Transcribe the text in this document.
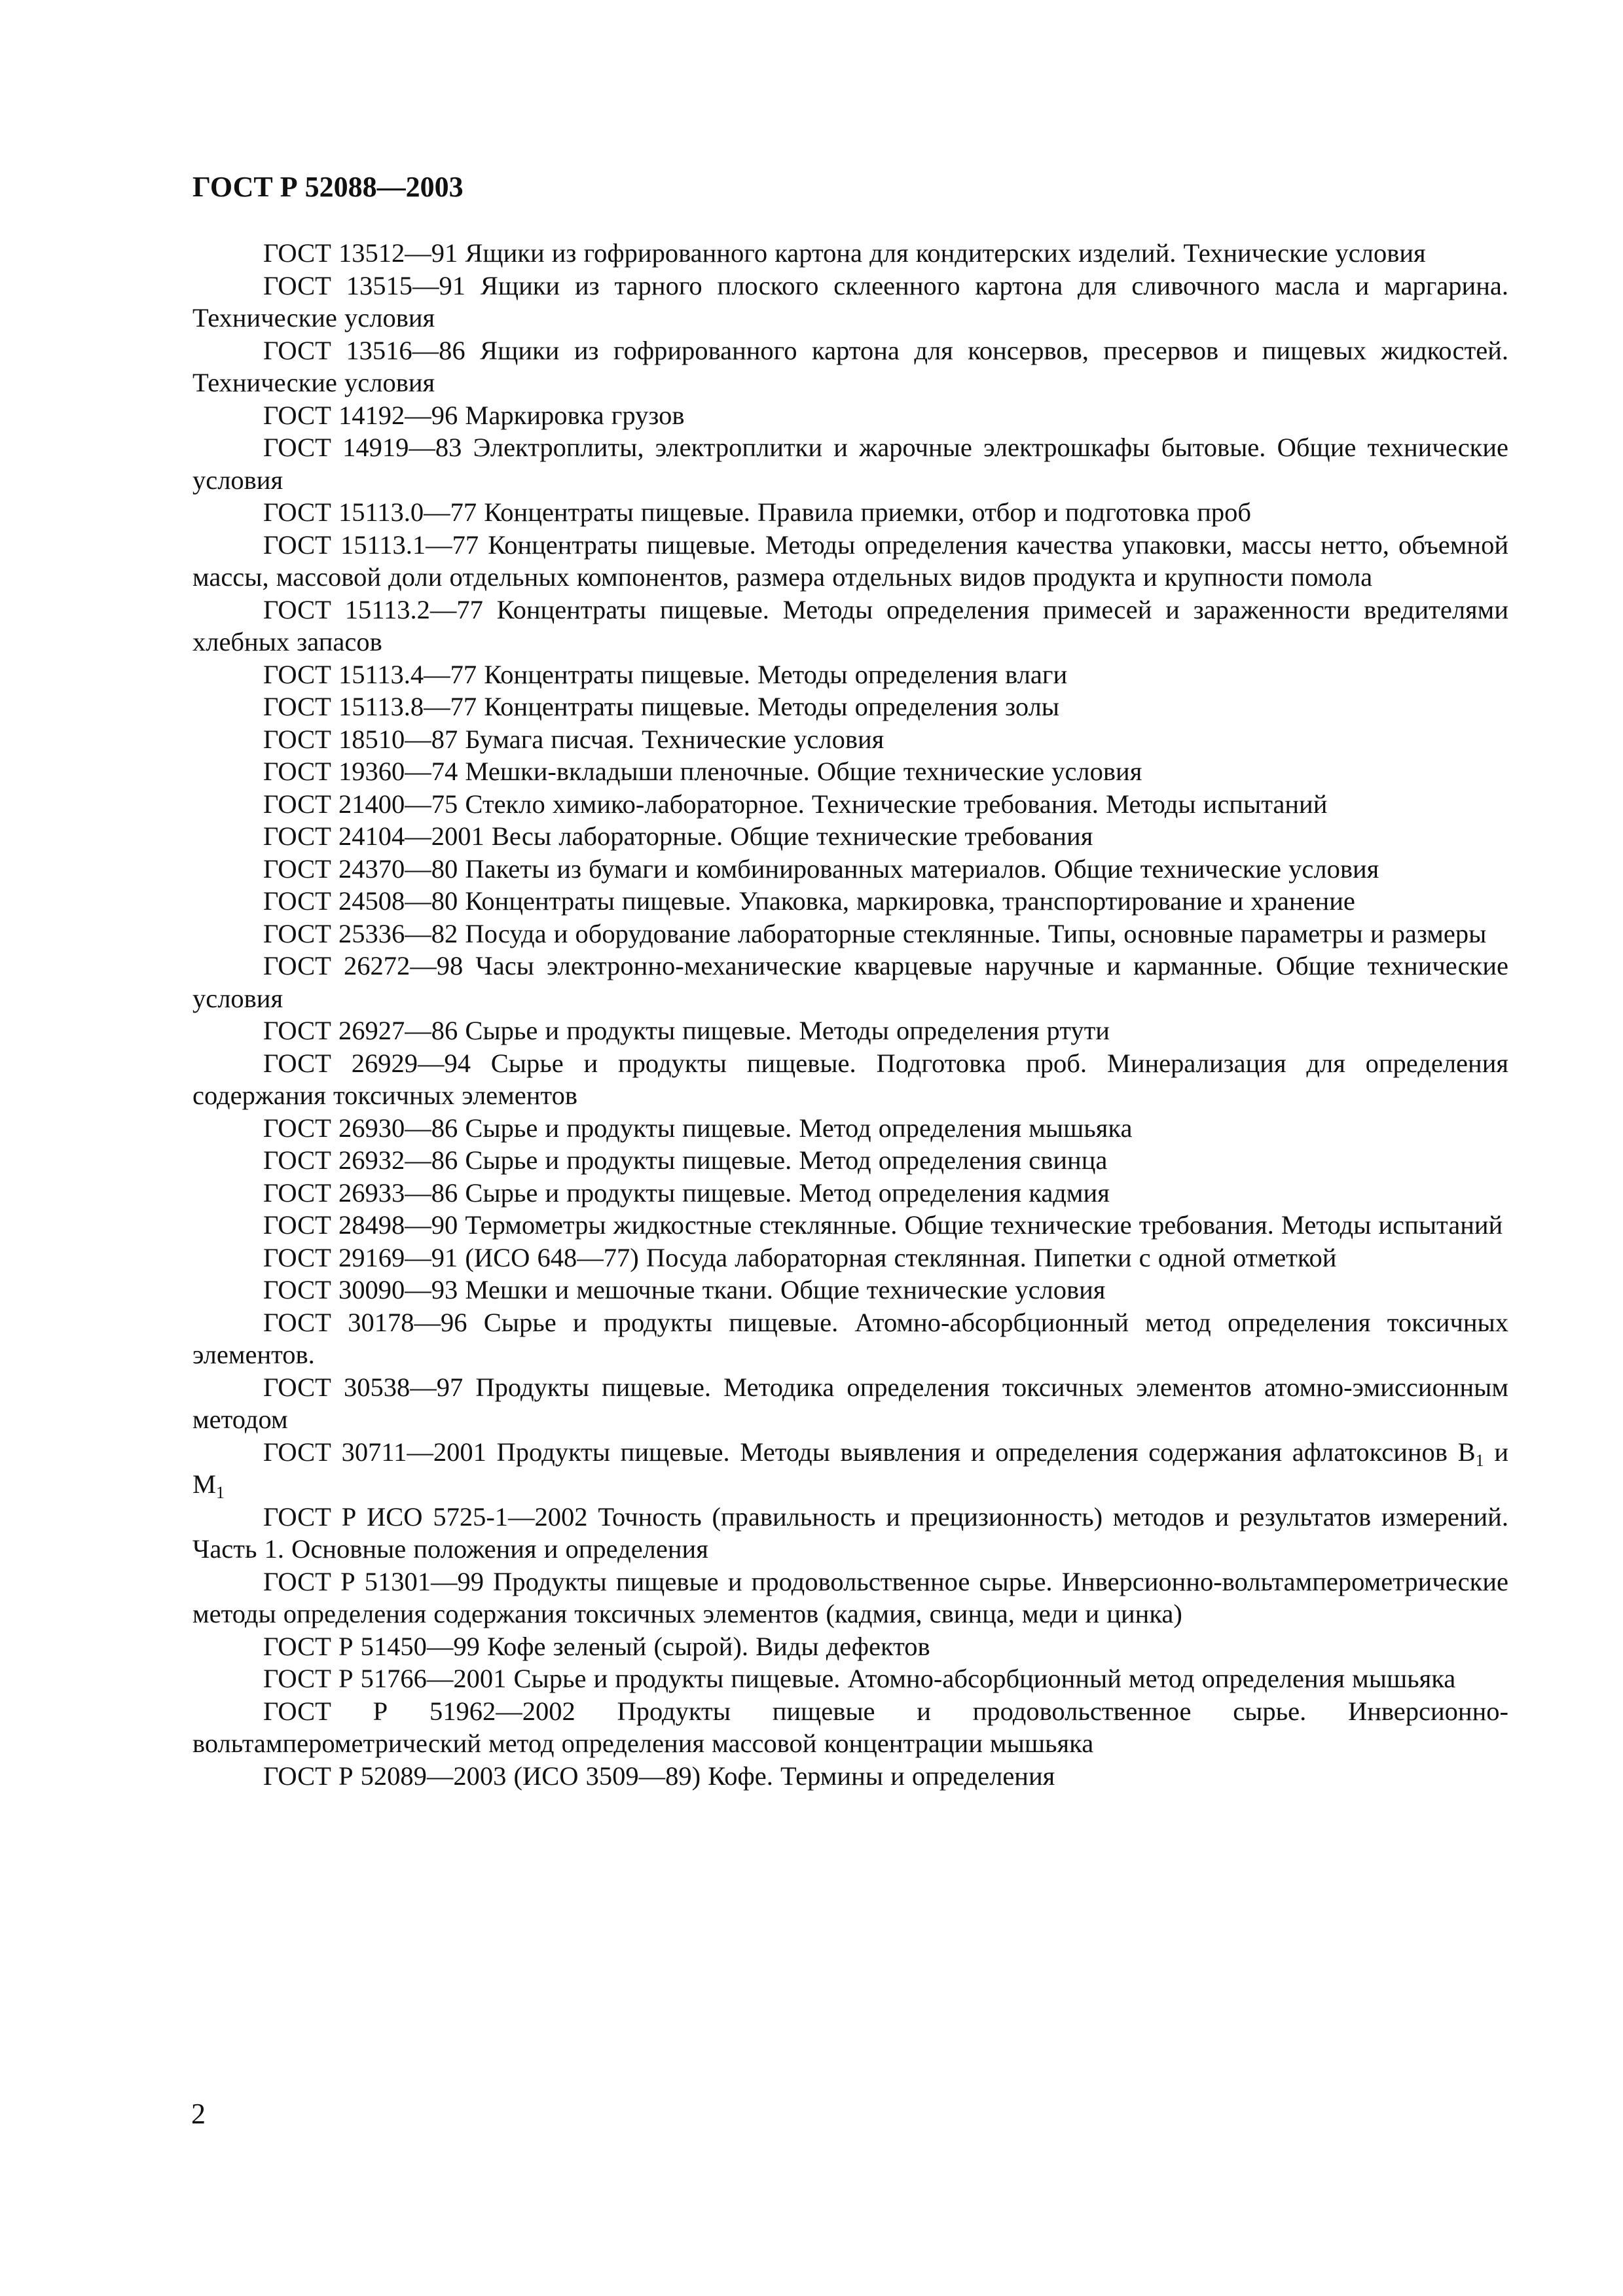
ГОСТ Р 52088—2003

ГОСТ 13512—91 Ящики из гофрированного картона для кондитерских изделий. Технические условия

ГОСТ 13515—91 Ящики из тарного плоского склеенного картона для сливочного масла и маргарина. Технические условия

ГОСТ 13516—86 Ящики из гофрированного картона для консервов, пресервов и пищевых жидкостей. Технические условия

ГОСТ 14192—96 Маркировка грузов

ГОСТ 14919—83 Электроплиты, электроплитки и жарочные электрошкафы бытовые. Общие технические условия

ГОСТ 15113.0—77 Концентраты пищевые. Правила приемки, отбор и подготовка проб

ГОСТ 15113.1—77 Концентраты пищевые. Методы определения качества упаковки, массы нетто, объемной массы, массовой доли отдельных компонентов, размера отдельных видов продукта и крупности помола

ГОСТ 15113.2—77 Концентраты пищевые. Методы определения примесей и зараженности вредителями хлебных запасов

ГОСТ 15113.4—77 Концентраты пищевые. Методы определения влаги

ГОСТ 15113.8—77 Концентраты пищевые. Методы определения золы

ГОСТ 18510—87 Бумага писчая. Технические условия

ГОСТ 19360—74 Мешки-вкладыши пленочные. Общие технические условия

ГОСТ 21400—75 Стекло химико-лабораторное. Технические требования. Методы испытаний

ГОСТ 24104—2001 Весы лабораторные. Общие технические требования

ГОСТ 24370—80 Пакеты из бумаги и комбинированных материалов. Общие технические условия

ГОСТ 24508—80 Концентраты пищевые. Упаковка, маркировка, транспортирование и хранение

ГОСТ 25336—82 Посуда и оборудование лабораторные стеклянные. Типы, основные параметры и размеры

ГОСТ 26272—98 Часы электронно-механические кварцевые наручные и карманные. Общие технические условия

ГОСТ 26927—86 Сырье и продукты пищевые. Методы определения ртути

ГОСТ 26929—94 Сырье и продукты пищевые. Подготовка проб. Минерализация для определения содержания токсичных элементов

ГОСТ 26930—86 Сырье и продукты пищевые. Метод определения мышьяка

ГОСТ 26932—86 Сырье и продукты пищевые. Метод определения свинца

ГОСТ 26933—86 Сырье и продукты пищевые. Метод определения кадмия

ГОСТ 28498—90 Термометры жидкостные стеклянные. Общие технические требования. Методы испытаний

ГОСТ 29169—91 (ИСО 648—77) Посуда лабораторная стеклянная. Пипетки с одной отметкой

ГОСТ 30090—93 Мешки и мешочные ткани. Общие технические условия

ГОСТ 30178—96 Сырье и продукты пищевые. Атомно-абсорбционный метод определения токсичных элементов.

ГОСТ 30538—97 Продукты пищевые. Методика определения токсичных элементов атомно-эмиссионным методом

ГОСТ 30711—2001 Продукты пищевые. Методы выявления и определения содержания афлатоксинов $В_1$ и $М_1$

ГОСТ Р ИСО 5725-1—2002 Точность (правильность и прецизионность) методов и результатов измерений. Часть 1. Основные положения и определения

ГОСТ Р 51301—99 Продукты пищевые и продовольственное сырье. Инверсионно-вольтамперометрические методы определения содержания токсичных элементов (кадмия, свинца, меди и цинка)

ГОСТ Р 51450—99 Кофе зеленый (сырой). Виды дефектов

ГОСТ Р 51766—2001 Сырье и продукты пищевые. Атомно-абсорбционный метод определения мышьяка

ГОСТ Р 51962—2002 Продукты пищевые и продовольственное сырье. Инверсионно-вольтамперометрический метод определения массовой концентрации мышьяка

ГОСТ Р 52089—2003 (ИСО 3509—89) Кофе. Термины и определения

2
